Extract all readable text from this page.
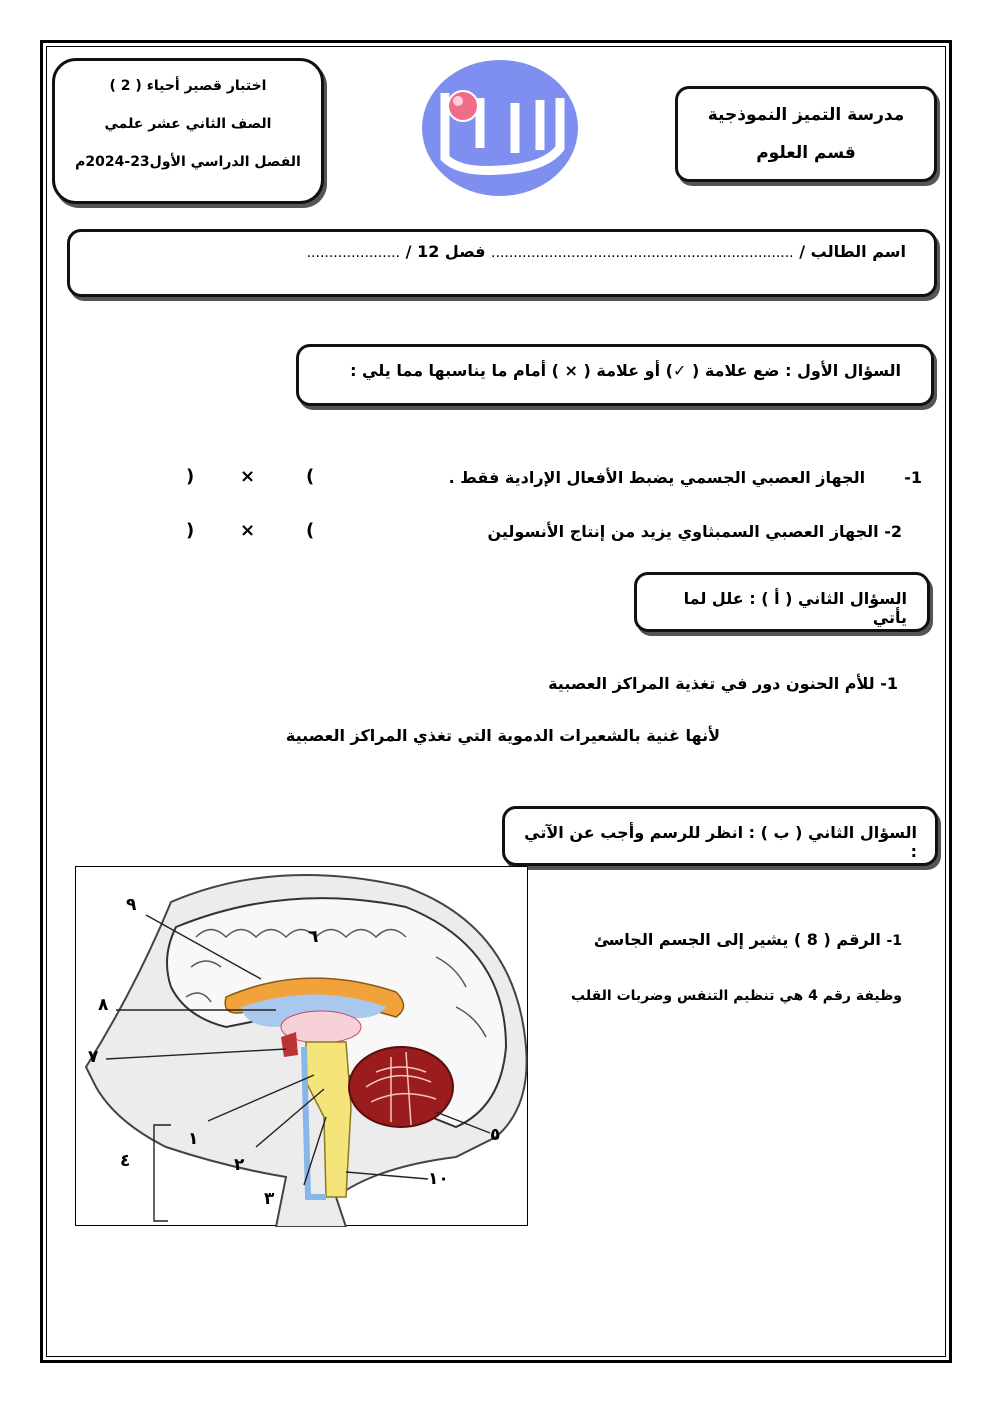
مدرسة التميز النموذجية
قسم العلوم
اختبار قصير أحياء ( 2 )
الصف الثاني عشر علمي
الفصل الدراسي الأول23-2024م
اسم الطالب / .................................................................... فصل 12 / .....................
السؤال الأول : ضع علامة ( ✓) أو علامة ( × ) أمام ما يناسبها مما يلي :
1-  الجهاز العصبي الجسمي يضبط الأفعال الإرادية فقط .
(
×
)
2- الجهاز العصبي السمبثاوي يزيد من إنتاج الأنسولين
(
×
)
السؤال الثاني ( أ ) : علل لما يأتي
1- للأم الحنون دور في تغذية المراكز العصبية
لأنها غنية بالشعيرات الدموية التي تغذي المراكز العصبية
السؤال الثاني ( ب ) : انظر للرسم وأجب عن الآتي :
1- الرقم ( 8 ) يشير إلى الجسم الجاسئ
وظيفة رقم 4 هي تنظيم التنفس وضربات القلب
٩
٦
٨
٧
١
٢
٣
٤
٥
١٠
